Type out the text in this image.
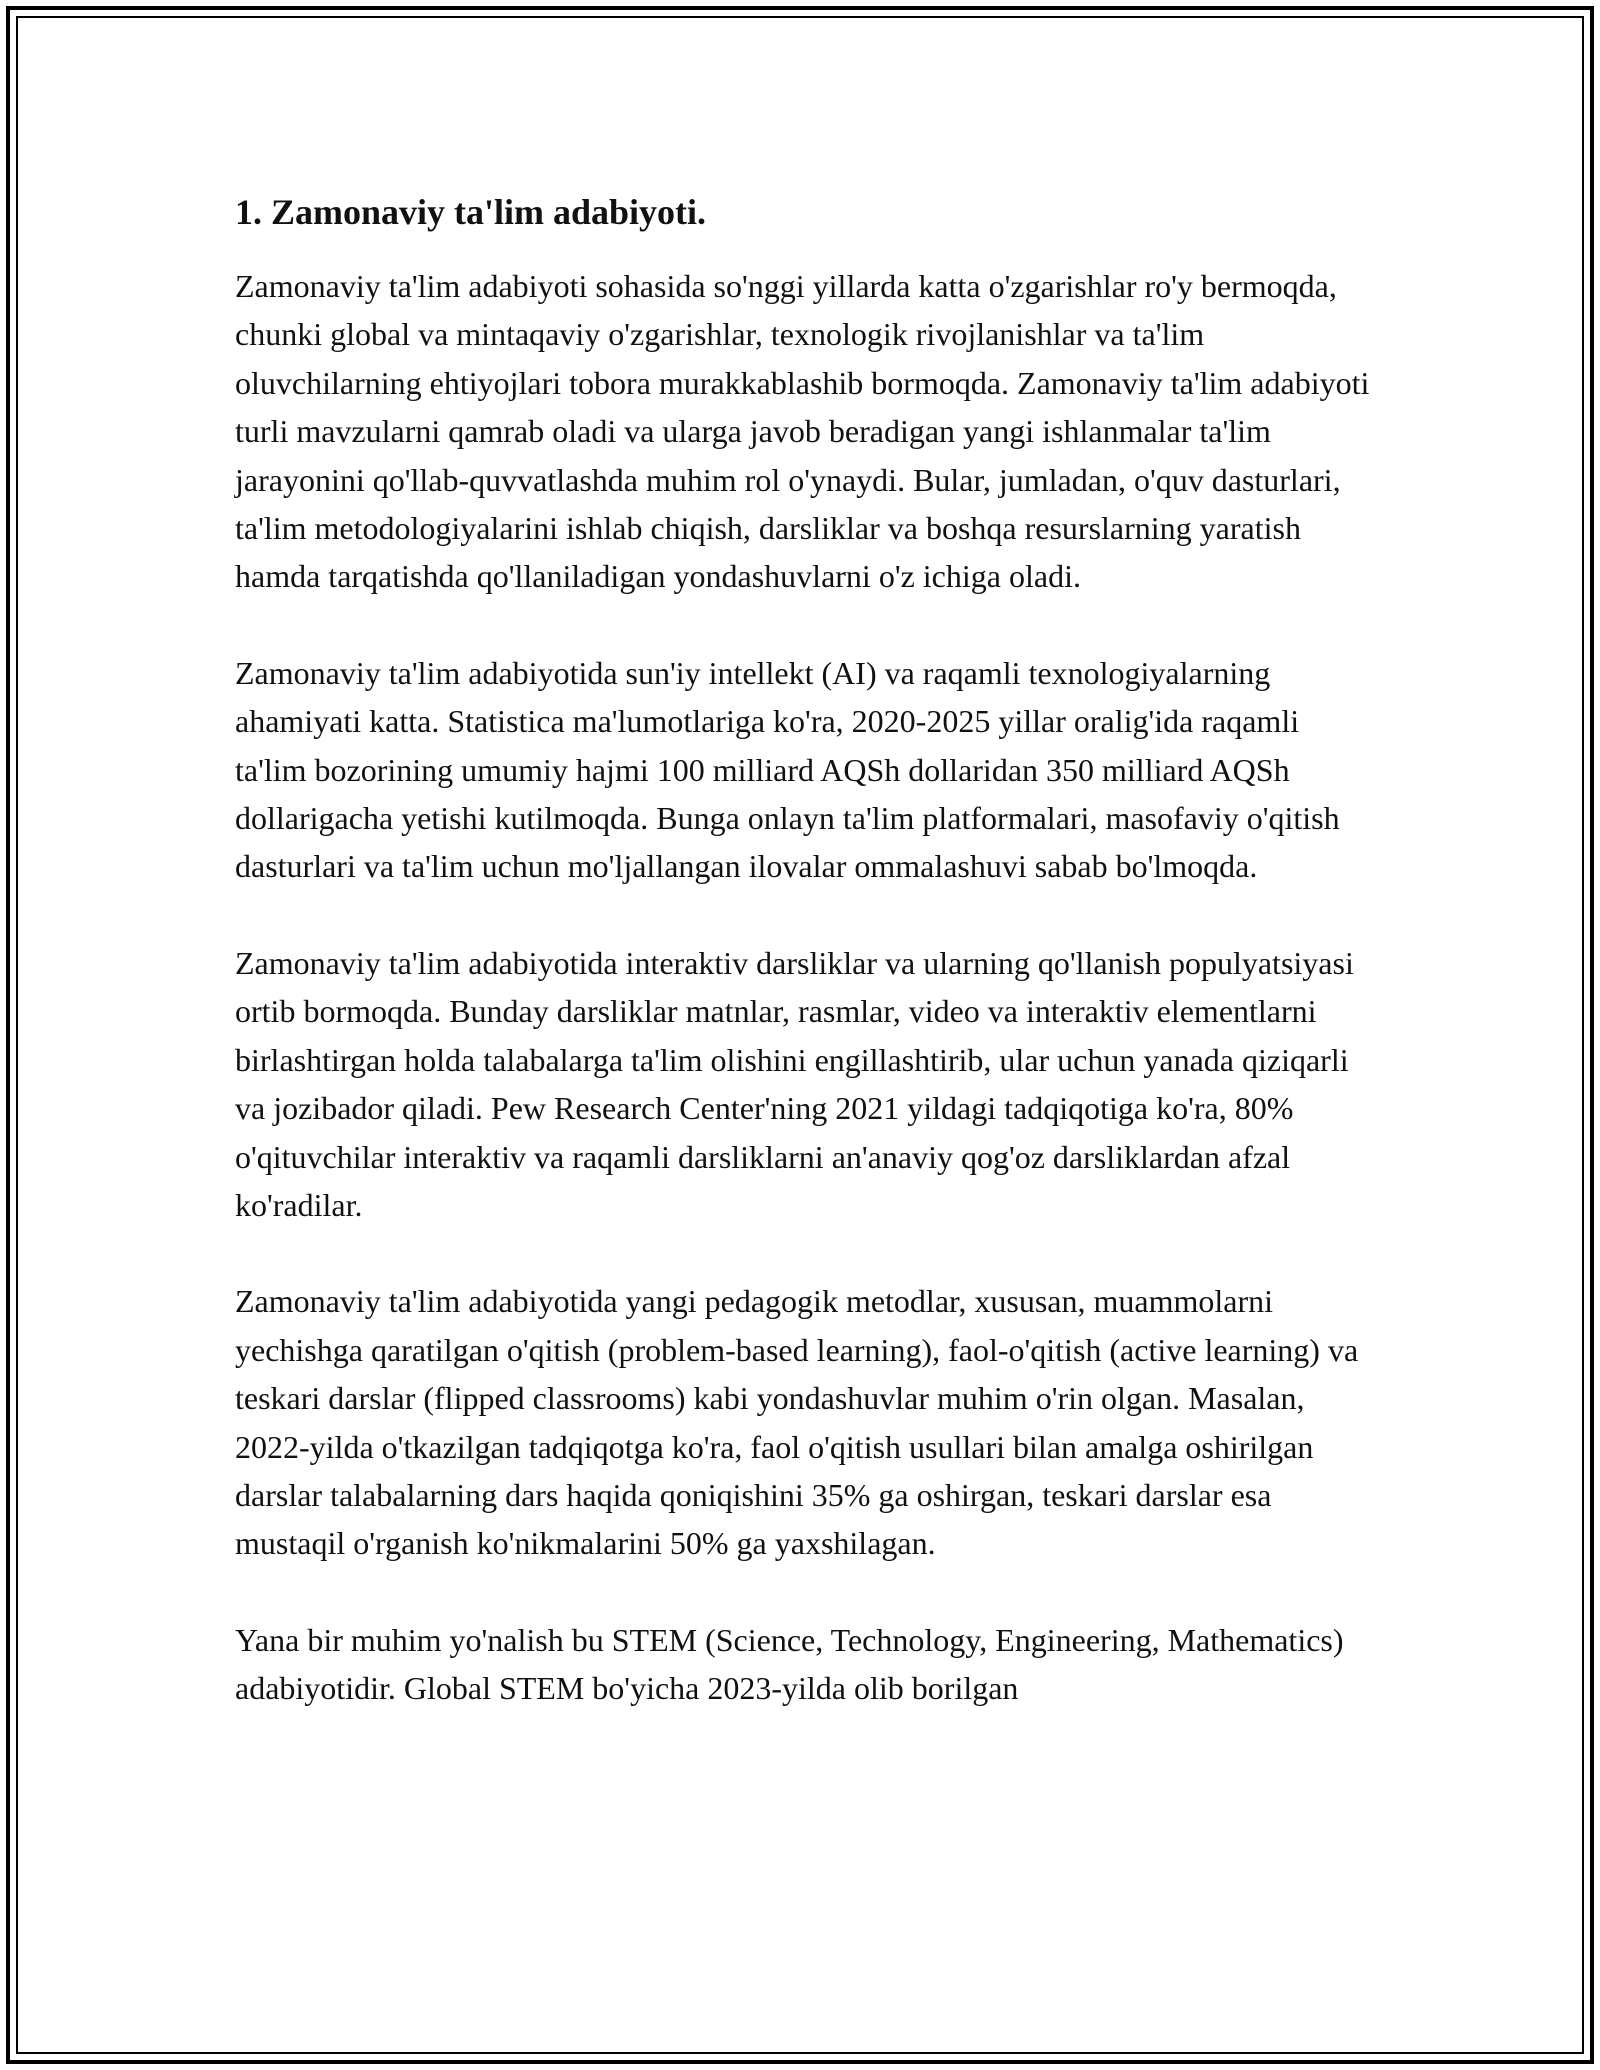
1. Zamonaviy ta'lim adabiyoti.

Zamonaviy ta'lim adabiyoti sohasida so'nggi yillarda katta o'zgarishlar ro'y bermoqda, chunki global va mintaqaviy o'zgarishlar, texnologik rivojlanishlar va ta'lim oluvchilarning ehtiyojlari tobora murakkablashib bormoqda. Zamonaviy ta'lim adabiyoti turli mavzularni qamrab oladi va ularga javob beradigan yangi ishlanmalar ta'lim jarayonini qo'llab-quvvatlashda muhim rol o'ynaydi. Bular, jumladan, o'quv dasturlari, ta'lim metodologiyalarini ishlab chiqish, darsliklar va boshqa resurslarning yaratish hamda tarqatishda qo'llaniladigan yondashuvlarni o'z ichiga oladi.

Zamonaviy ta'lim adabiyotida sun'iy intellekt (AI) va raqamli texnologiyalarning ahamiyati katta. Statistica ma'lumotlariga ko'ra, 2020-2025 yillar oralig'ida raqamli ta'lim bozorining umumiy hajmi 100 milliard AQSh dollaridan 350 milliard AQSh dollarigacha yetishi kutilmoqda. Bunga onlayn ta'lim platformalari, masofaviy o'qitish dasturlari va ta'lim uchun mo'ljallangan ilovalar ommalashuvi sabab bo'lmoqda.

Zamonaviy ta'lim adabiyotida interaktiv darsliklar va ularning qo'llanish populyatsiyasi ortib bormoqda. Bunday darsliklar matnlar, rasmlar, video va interaktiv elementlarni birlashtirgan holda talabalarga ta'lim olishini engillashtirib, ular uchun yanada qiziqarli va jozibador qiladi. Pew Research Center'ning 2021 yildagi tadqiqotiga ko'ra, 80% o'qituvchilar interaktiv va raqamli darsliklarni an'anaviy qog'oz darsliklardan afzal ko'radilar.

Zamonaviy ta'lim adabiyotida yangi pedagogik metodlar, xususan, muammolarni yechishga qaratilgan o'qitish (problem-based learning), faol-o'qitish (active learning) va teskari darslar (flipped classrooms) kabi yondashuvlar muhim o'rin olgan. Masalan, 2022-yilda o'tkazilgan tadqiqotga ko'ra, faol o'qitish usullari bilan amalga oshirilgan darslar talabalarning dars haqida qoniqishini 35% ga oshirgan, teskari darslar esa mustaqil o'rganish ko'nikmalarini 50% ga yaxshilagan.

Yana bir muhim yo'nalish bu STEM (Science, Technology, Engineering, Mathematics) adabiyotidir. Global STEM bo'yicha 2023-yilda olib borilgan
